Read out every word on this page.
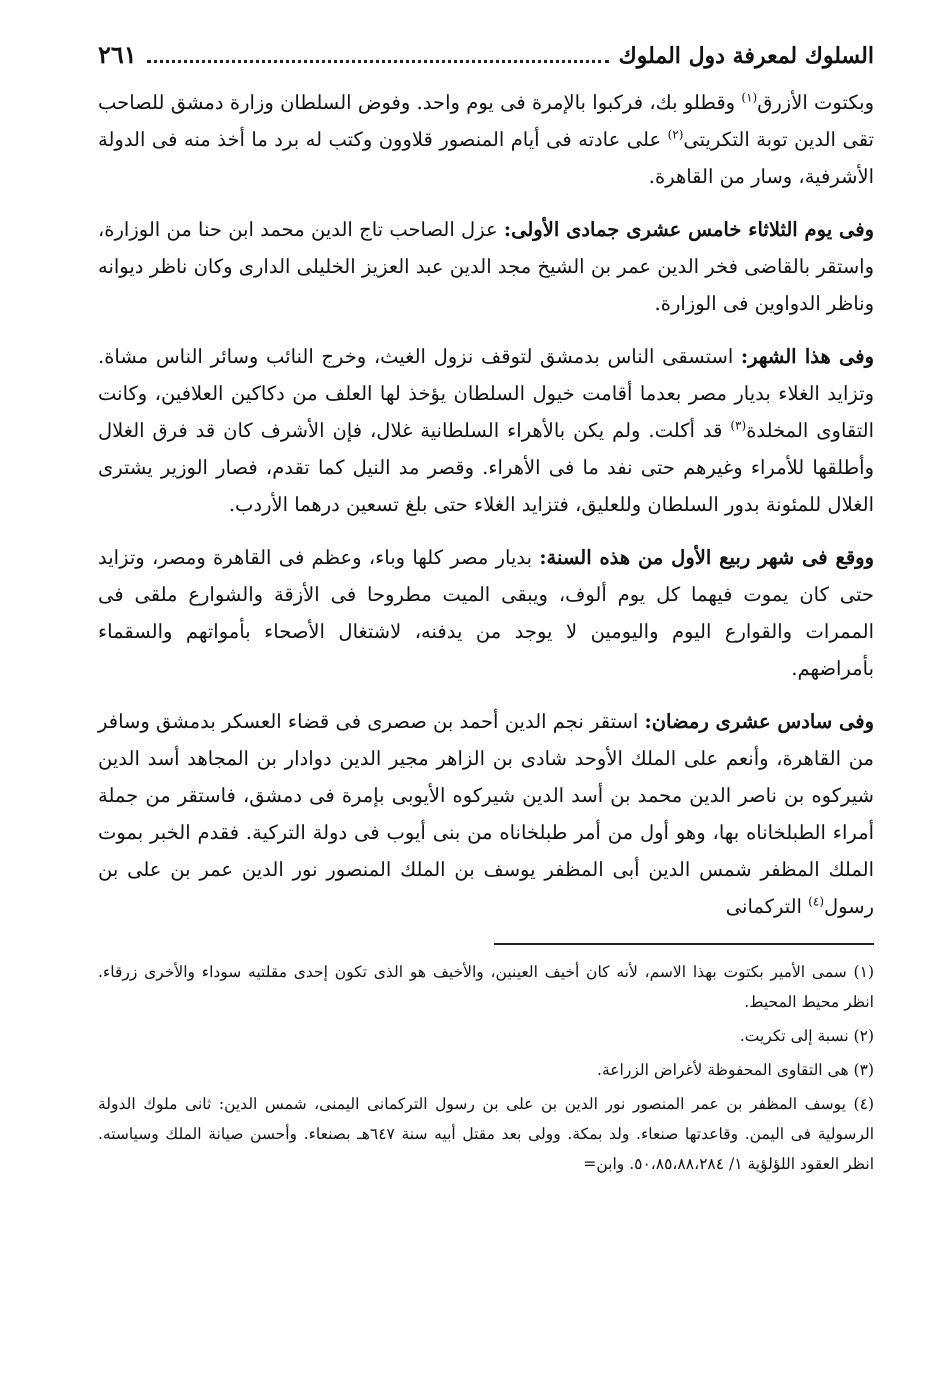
السلوك لمعرفة دول الملوك
٢٦١

وبكتوت الأزرق$^{(١)}$ وقطلو بك، فركبوا بالإمرة فى يوم واحد. وفوض السلطان وزارة دمشق للصاحب تقى الدين توبة التكريتى$^{(٢)}$ على عادته فى أيام المنصور قلاوون وكتب له برد ما أخذ منه فى الدولة الأشرفية، وسار من القاهرة.

وفى يوم الثلاثاء خامس عشرى جمادى الأولى: عزل الصاحب تاج الدين محمد ابن حنا من الوزارة، واستقر بالقاضى فخر الدين عمر بن الشيخ مجد الدين عبد العزيز الخليلى الدارى وكان ناظر ديوانه وناظر الدواوين فى الوزارة.

وفى هذا الشهر: استسقى الناس بدمشق لتوقف نزول الغيث، وخرج النائب وسائر الناس مشاة. وتزايد الغلاء بديار مصر بعدما أقامت خيول السلطان يؤخذ لها العلف من دكاكين العلافين، وكانت التقاوى المخلدة$^{(٣)}$ قد أكلت. ولم يكن بالأهراء السلطانية غلال، فإن الأشرف كان قد فرق الغلال وأطلقها للأمراء وغيرهم حتى نفد ما فى الأهراء. وقصر مد النيل كما تقدم، فصار الوزير يشترى الغلال للمئونة بدور السلطان وللعليق، فتزايد الغلاء حتى بلغ تسعين درهما الأردب.

ووقع فى شهر ربيع الأول من هذه السنة: بديار مصر كلها وباء، وعظم فى القاهرة ومصر، وتزايد حتى كان يموت فيهما كل يوم ألوف، ويبقى الميت مطروحا فى الأزقة والشوارع ملقى فى الممرات والقوارع اليوم واليومين لا يوجد من يدفنه، لاشتغال الأصحاء بأمواتهم والسقماء بأمراضهم.

وفى سادس عشرى رمضان: استقر نجم الدين أحمد بن صصرى فى قضاء العسكر بدمشق وسافر من القاهرة، وأنعم على الملك الأوحد شادى بن الزاهر مجير الدين دوادار بن المجاهد أسد الدين شيركوه بن ناصر الدين محمد بن أسد الدين شيركوه الأيوبى بإمرة فى دمشق، فاستقر من جملة أمراء الطبلخاناه بها، وهو أول من أمر طبلخاناه من بنى أيوب فى دولة التركية. فقدم الخبر بموت الملك المظفر شمس الدين أبى المظفر يوسف بن الملك المنصور نور الدين عمر بن على بن رسول$^{(٤)}$ التركمانى

(١) سمى الأمير بكتوت بهذا الاسم، لأنه كان أخيف العينين، والأخيف هو الذى تكون إحدى مقلتيه سوداء والأخرى زرقاء. انظر محيط المحيط.

(٢) نسبة إلى تكريت.

(٣) هى التقاوى المحفوظة لأغراض الزراعة.

(٤) يوسف المظفر بن عمر المنصور نور الدين بن على بن رسول التركمانى اليمنى، شمس الدين: ثانى ملوك الدولة الرسولية فى اليمن. وقاعدتها صنعاء. ولد بمكة. وولى بعد مقتل أبيه سنة ٦٤٧هـ بصنعاء. وأحسن صيانة الملك وسياسته. انظر العقود اللؤلؤية ١/ ٥٠،٨٥،٨٨،٢٨٤. وابن=
